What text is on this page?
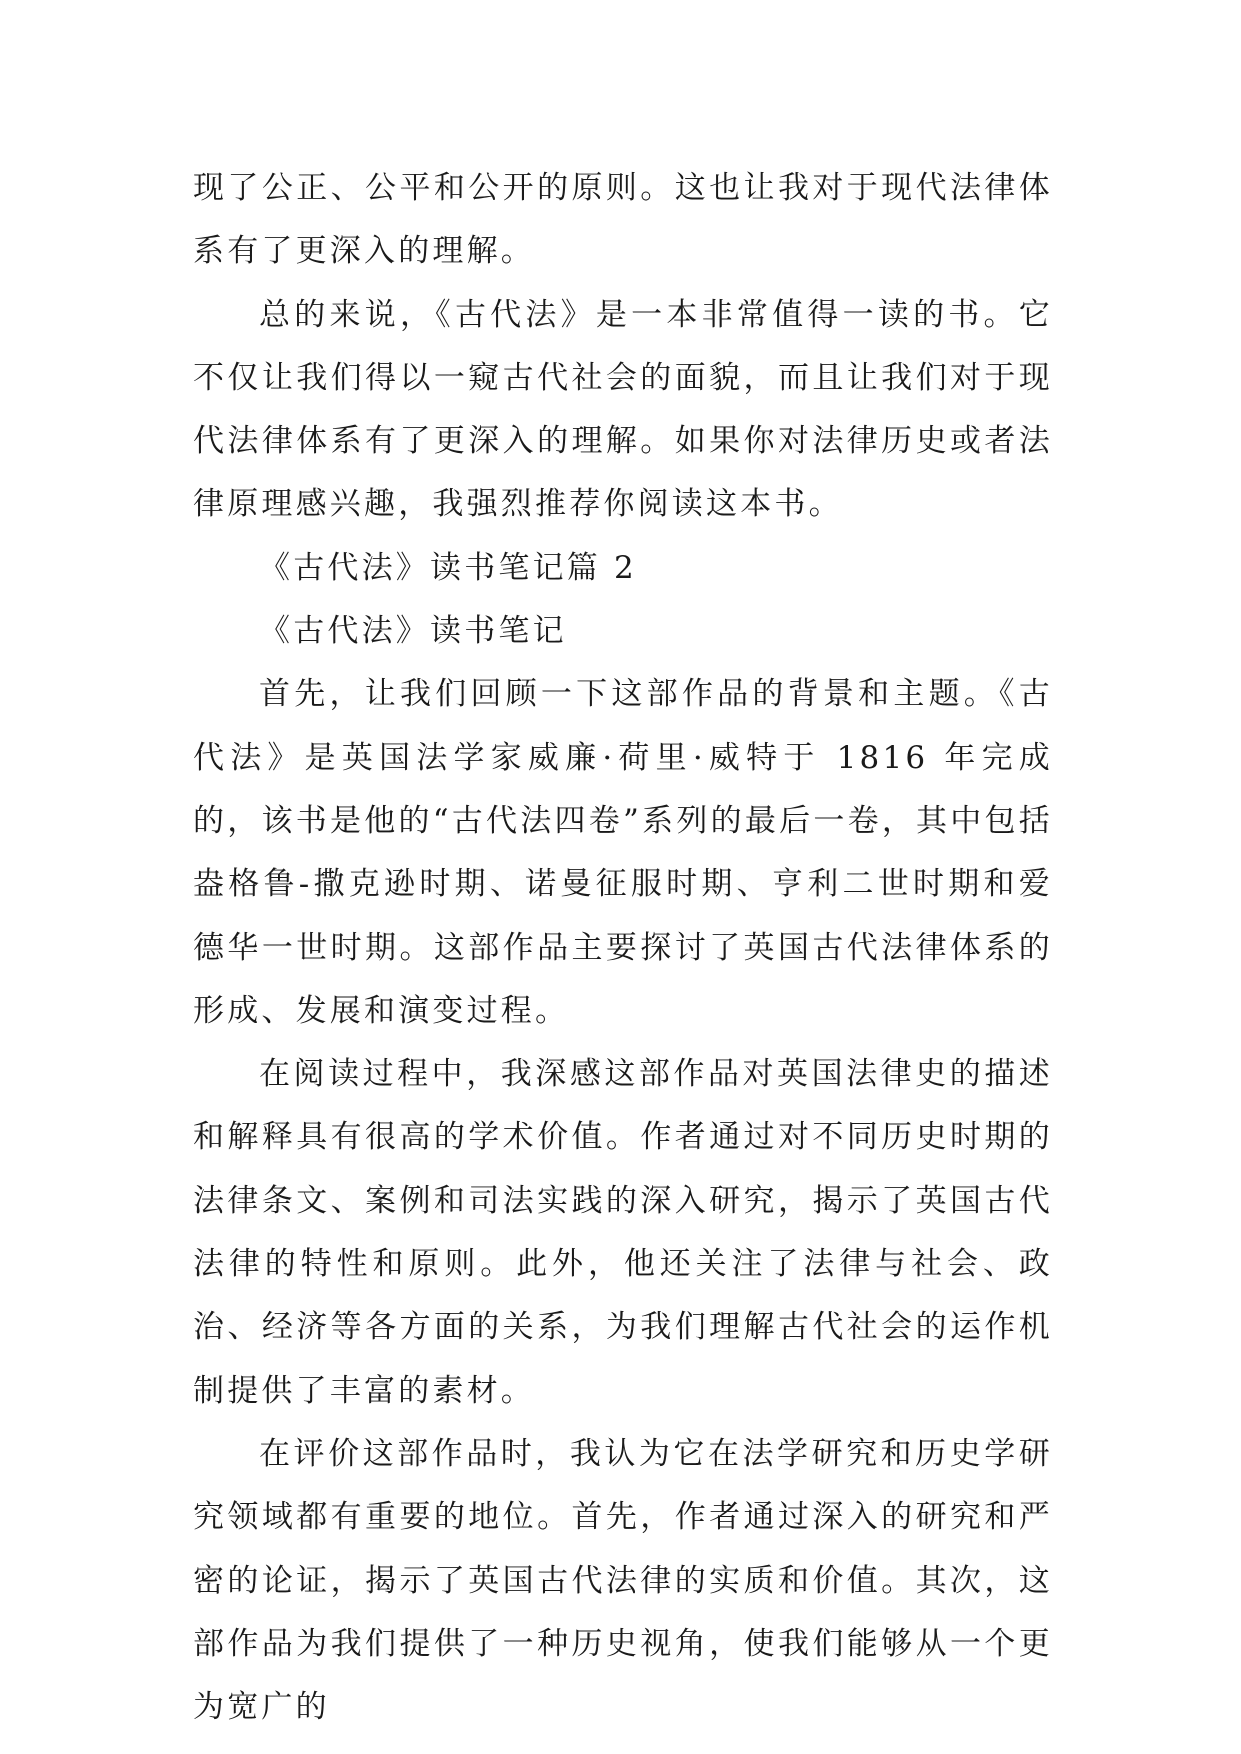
现了公正、公平和公开的原则。这也让我对于现代法律体系有了更深入的理解。

总的来说，《古代法》是一本非常值得一读的书。它不仅让我们得以一窥古代社会的面貌，而且让我们对于现代法律体系有了更深入的理解。如果你对法律历史或者法律原理感兴趣，我强烈推荐你阅读这本书。

《古代法》读书笔记篇 2

《古代法》读书笔记

首先，让我们回顾一下这部作品的背景和主题。《古代法》是英国法学家威廉·荷里·威特于 1816 年完成的，该书是他的“古代法四卷”系列的最后一卷，其中包括盎格鲁-撒克逊时期、诺曼征服时期、亨利二世时期和爱德华一世时期。这部作品主要探讨了英国古代法律体系的形成、发展和演变过程。

在阅读过程中，我深感这部作品对英国法律史的描述和解释具有很高的学术价值。作者通过对不同历史时期的法律条文、案例和司法实践的深入研究，揭示了英国古代法律的特性和原则。此外，他还关注了法律与社会、政治、经济等各方面的关系，为我们理解古代社会的运作机制提供了丰富的素材。

在评价这部作品时，我认为它在法学研究和历史学研究领域都有重要的地位。首先，作者通过深入的研究和严密的论证，揭示了英国古代法律的实质和价值。其次，这部作品为我们提供了一种历史视角，使我们能够从一个更为宽广的
